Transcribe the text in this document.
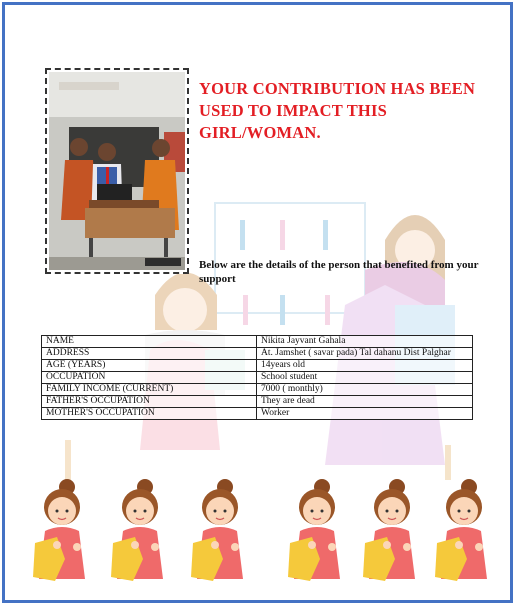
YOUR CONTRIBUTION HAS BEEN
USED TO IMPACT THIS
GIRL/WOMAN.
Below are the details of the person that benefited from your support
NAME	Nikita Jayvant Gahala
ADDRESS	At. Jamshet ( savar pada) Tal dahanu Dist Palghar
AGE (YEARS)	14years old
OCCUPATION	School student
FAMILY INCOME (CURRENT)	7000 ( monthly)
FATHER'S OCCUPATION	They are dead
MOTHER'S OCCUPATION	Worker
